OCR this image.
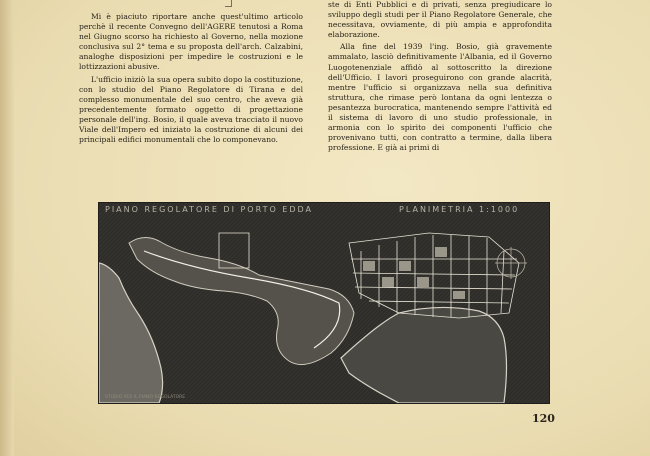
Mi è piaciuto riportare anche quest'ultimo articolo perchè il recente Convegno dell'AGERE tenutosi a Roma nel Giugno scorso ha richiesto al Governo, nella mozione conclusiva sul 2° tema e su proposta dell'arch. Calzabini, analoghe disposizioni per impedire le costruzioni e le lottizzazioni abusive.

L'ufficio iniziò la sua opera subito dopo la costituzione, con lo studio del Piano Regolatore di Tirana e del complesso monumentale del suo centro, che aveva già precedentemente formato oggetto di progettazione personale dell'ing. Bosio, il quale aveva tracciato il nuovo Viale dell'Impero ed iniziato la costruzione di alcuni dei principali edifici monumentali che lo componevano.

ste di Enti Pubblici e di privati, senza pregiudicare lo sviluppo degli studi per il Piano Regolatore Generale, che necessitava, ovviamente, di più ampia e approfondita elaborazione.

Alla fine del 1939 l'ing. Bosio, già gravemente ammalato, lasciò definitivamente l'Albania, ed il Governo Luogotenenziale affidò al sottoscritto la direzione dell'Ufficio. I lavori proseguirono con grande alacrità, mentre l'ufficio si organizzava nella sua definitiva struttura, che rimase però lontana da ogni lentezza o pesantezza burocratica, mantenendo sempre l'attività ed il sistema di lavoro di uno studio professionale, in armonia con lo spirito dei componenti l'ufficio che provenivano tutti, con contratto a termine, dalla libera professione. E già ai primi di

PIANO REGOLATORE DI PORTO EDDA	PLANIMETRIA 1:1000
STUDIO PER IL PIANO REGOLATORE
120
